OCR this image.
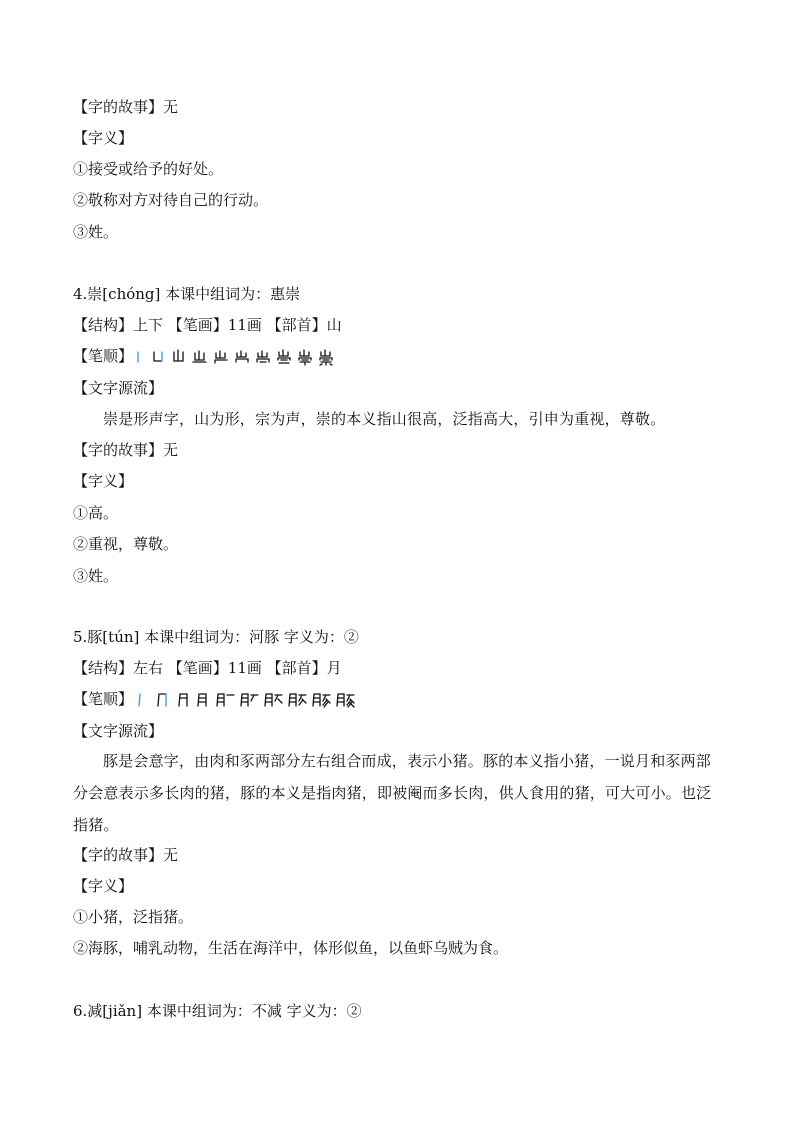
【字的故事】无
【字义】
①接受或给予的好处。
②敬称对方对待自己的行动。
③姓。
4.崇[chóng] 本课中组词为：惠崇
【结构】上下 【笔画】11画 【部首】山
【笔顺】
【文字源流】
崇是形声字，山为形，宗为声，崇的本义指山很高，泛指高大，引申为重视，尊敬。
【字的故事】无
【字义】
①高。
②重视，尊敬。
③姓。
5.豚[tún] 本课中组词为：河豚 字义为：②
【结构】左右 【笔画】11画 【部首】月
【笔顺】
【文字源流】
豚是会意字，由肉和豕两部分左右组合而成，表示小猪。豚的本义指小猪，一说月和豕两部分会意表示多长肉的猪，豚的本义是指肉猪，即被阉而多长肉，供人食用的猪，可大可小。也泛指猪。
【字的故事】无
【字义】
①小猪，泛指猪。
②海豚，哺乳动物，生活在海洋中，体形似鱼，以鱼虾乌贼为食。
6.减[jiǎn] 本课中组词为：不减 字义为：②
